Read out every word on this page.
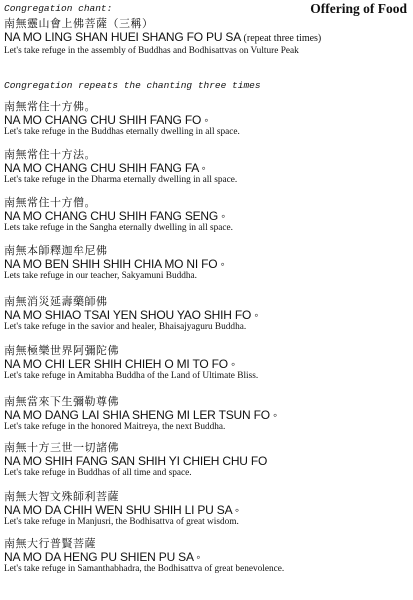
Offering of Food

Congregation chant:

南無靈山會上佛菩薩（三稱）

NA MO LING SHAN HUEI SHANG FO PU SA (repeat three times)

Let's take refuge in the assembly of Buddhas and Bodhisattvas on Vulture Peak

Congregation repeats the chanting three times

南無常住十方佛。

NA MO CHANG CHU SHIH FANG FO ◦

Let's take refuge in the Buddhas eternally dwelling in all space.

南無常住十方法。

NA MO CHANG CHU SHIH FANG FA ◦

Let's take refuge in the Dharma eternally dwelling in all space.

南無常住十方僧。

NA MO CHANG CHU SHIH FANG SENG ◦

Lets take refuge in the Sangha eternally dwelling in all space.

南無本師釋迦牟尼佛

NA MO BEN SHIH SHIH CHIA MO NI FO ◦

Lets take refuge in our teacher, Sakyamuni Buddha.

南無消災延壽藥師佛

NA MO SHIAO TSAI YEN SHOU YAO SHIH FO ◦

Let's take refuge in the savior and healer, Bhaisajyaguru Buddha.

南無極樂世界阿彌陀佛

NA MO CHI LER SHIH CHIEH O MI TO FO ◦

Let's take refuge in Amitabha Buddha of the Land of Ultimate Bliss.

南無當來下生彌勒尊佛

NA MO DANG LAI SHIA SHENG MI LER TSUN FO ◦

Let's take refuge in the honored Maitreya, the next Buddha.

南無十方三世一切諸佛

NA MO SHIH FANG SAN SHIH YI CHIEH CHU FO

Let's take refuge in Buddhas of all time and space.

南無大智文殊師利菩薩

NA MO DA CHIH WEN SHU SHIH LI PU SA ◦

Let's take refuge in Manjusri, the Bodhisattva of great wisdom.

南無大行普賢菩薩

NA MO DA HENG PU SHIEN PU SA ◦

Let's take refuge in Samanthabhadra, the Bodhisattva of great benevolence.
